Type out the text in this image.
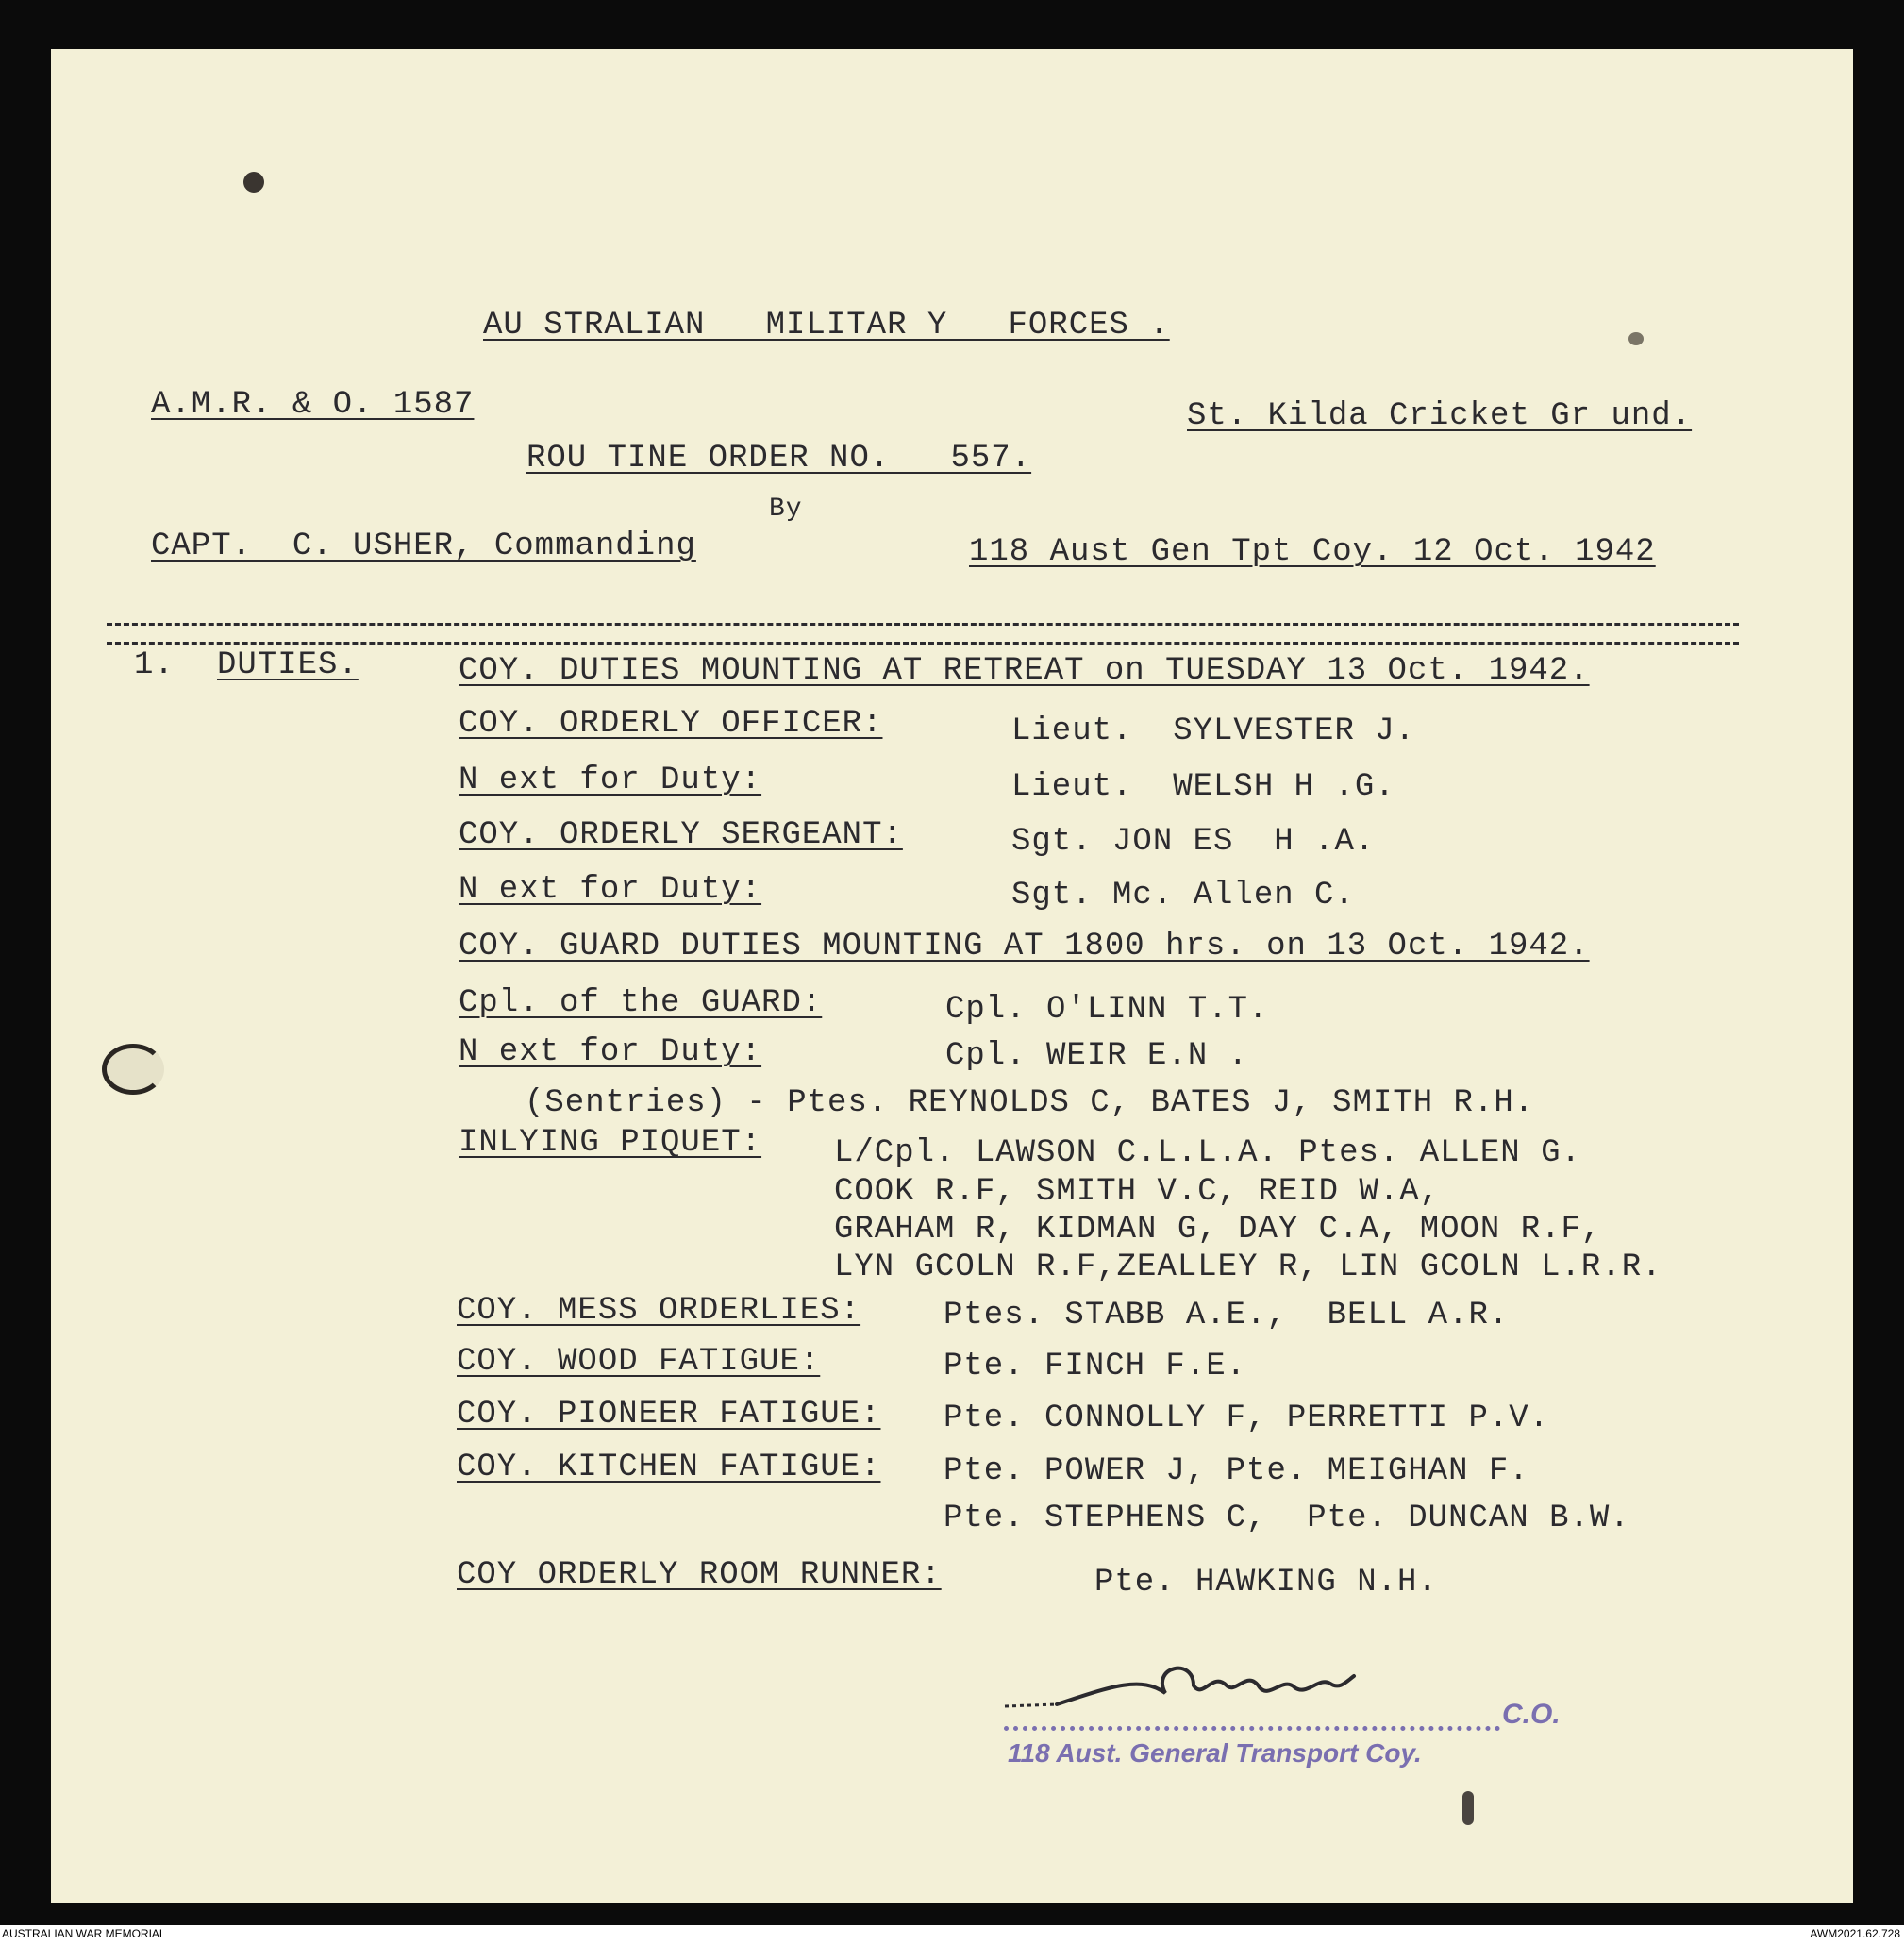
AU STRALIAN   MILITAR Y   FORCES .
A.M.R. & O. 1587	St. Kilda Cricket Gr und.
ROU TINE ORDER NO.   557.
By
CAPT.  C. USHER, Commanding	118 Aust Gen Tpt Coy. 12 Oct. 1942
1. DUTIES.	COY. DUTIES MOUNTING AT RETREAT on TUESDAY 13 Oct. 1942.
COY. ORDERLY OFFICER:	Lieut.  SYLVESTER J.
N ext for Duty:	Lieut.  WELSH H .G.
COY. ORDERLY SERGEANT:	Sgt. JON ES  H .A.
N ext for Duty:	Sgt. Mc. Allen C.
COY. GUARD DUTIES MOUNTING AT 1800 hrs. on 13 Oct. 1942.
Cpl. of the GUARD:	Cpl. O'LINN T.T.
N ext for Duty:	Cpl. WEIR E.N .
(Sentries) - Ptes. REYNOLDS C, BATES J, SMITH R.H.
INLYING PIQUET: L/Cpl. LAWSON C.L.L.A. Ptes. ALLEN G.
COOK R.F, SMITH V.C, REID W.A,
GRAHAM R, KIDMAN G, DAY C.A, MOON R.F,
LYN GCOLN R.F,ZEALLEY R, LIN GCOLN L.R.R.
COY. MESS ORDERLIES:	Ptes. STABB A.E.,  BELL A.R.
COY. WOOD FATIGUE:	Pte. FINCH F.E.
COY. PIONEER FATIGUE: Pte. CONNOLLY F, PERRETTI P.V.
COY. KITCHEN FATIGUE: Pte. POWER J, Pte. MEIGHAN F.
Pte. STEPHENS C,  Pte. DUNCAN B.W.
COY ORDERLY ROOM RUNNER:	Pte. HAWKING N.H.
C.O.
118 Aust. General Transport Coy.
AUSTRALIAN WAR MEMORIAL	AWM2021.62.728
